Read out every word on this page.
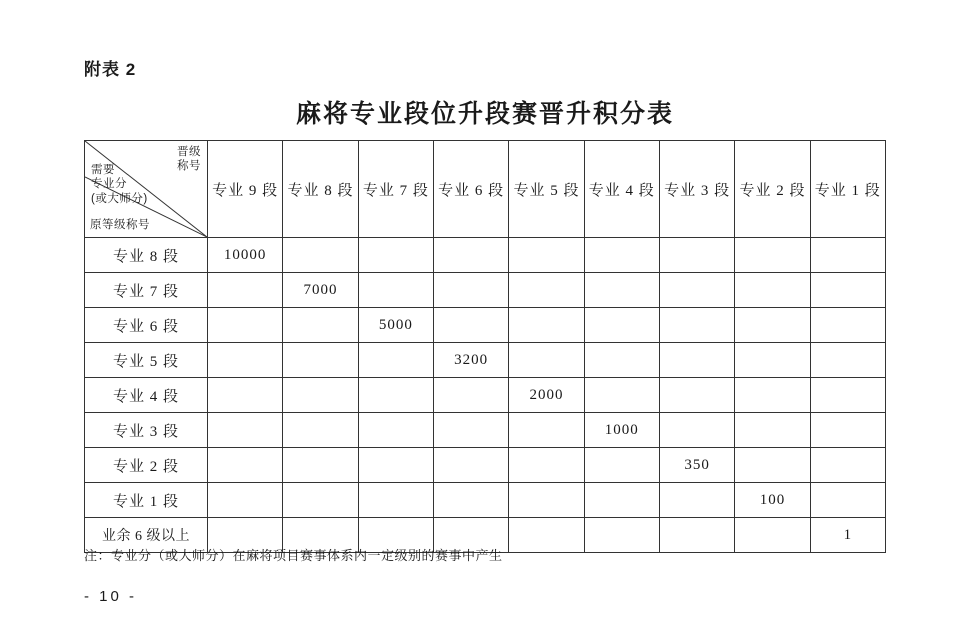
附表 2
麻将专业段位升段赛晋升积分表
晋级
称号
需要
专业分
(或大师分)
原等级称号
	专业 9 段	专业 8 段	专业 7 段	专业 6 段	专业 5 段	专业 4 段	专业 3 段	专业 2 段	专业 1 段
专业 8 段	10000								
专业 7 段		7000							
专业 6 段			5000						
专业 5 段				3200					
专业 4 段					2000				
专业 3 段						1000			
专业 2 段							350		
专业 1 段								100	
业余 6 级以上									1
注：专业分（或大师分）在麻将项目赛事体系内一定级别的赛事中产生
- 10 -
